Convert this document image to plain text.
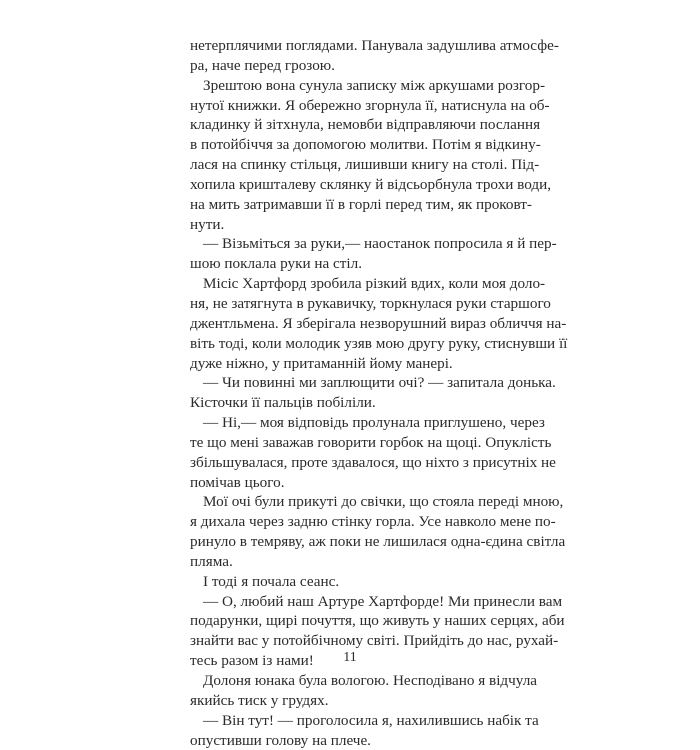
нетерплячими поглядами. Панувала задушлива атмосфе-
ра, наче перед грозою.
Зрештою вона сунула записку між аркушами розгор-
нутої книжки. Я обережно згорнула її, натиснула на об-
кладинку й зітхнула, немовби відправляючи послання
в потойбіччя за допомогою молитви. Потім я відкину-
лася на спинку стільця, лишивши книгу на столі. Під-
хопила кришталеву склянку й відсьорбнула трохи води,
на мить затримавши її в горлі перед тим, як проковт-
нути.
— Візьміться за руки,— наостанок попросила я й пер-
шою поклала руки на стіл.
Місіс Хартфорд зробила різкий вдих, коли моя доло-
ня, не затягнута в рукавичку, торкнулася руки старшого
джентльмена. Я зберігала незворушний вираз обличчя на-
віть тоді, коли молодик узяв мою другу руку, стиснувши її
дуже ніжно, у притаманній йому манері.
— Чи повинні ми заплющити очі? — запитала донька.
Кісточки її пальців побіліли.
— Ні,— моя відповідь пролунала приглушено, через
те що мені заважав говорити горбок на щоці. Опуклість
збільшувалася, проте здавалося, що ніхто з присутніх не
помічав цього.
Мої очі були прикуті до свічки, що стояла переді мною,
я дихала через задню стінку горла. Усе навколо мене по-
ринуло в темряву, аж поки не лишилася одна-єдина світла
пляма.
І тоді я почала сеанс.
— О, любий наш Артуре Хартфорде! Ми принесли вам
подарунки, щирі почуття, що живуть у наших серцях, аби
знайти вас у потойбічному світі. Прийдіть до нас, рухай-
тесь разом із нами!
Долоня юнака була вологою. Несподівано я відчула
якийсь тиск у грудях.
— Він тут! — проголосила я, нахилившись набік та
опустивши голову на плече.
11
